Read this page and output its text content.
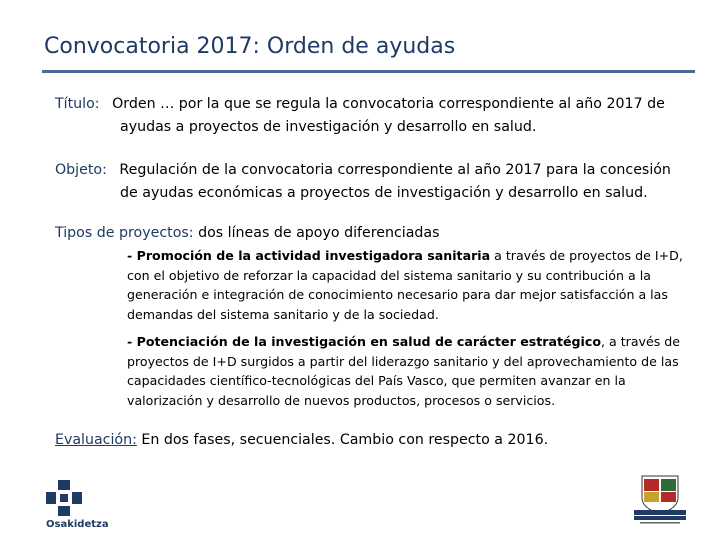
Convocatoria 2017: Orden de ayudas
Título: Orden … por la que se regula la convocatoria correspondiente al año 2017 de
ayudas a proyectos de investigación y desarrollo en salud.
Objeto: Regulación de la convocatoria correspondiente al año 2017 para la concesión
de ayudas económicas a proyectos de investigación y desarrollo en salud.
Tipos de proyectos: dos líneas de apoyo diferenciadas
- Promoción de la actividad investigadora sanitaria a través de proyectos de I+D, con el objetivo de reforzar la capacidad del sistema sanitario y su contribución a la generación e integración de conocimiento necesario para dar mejor satisfacción a las demandas del sistema sanitario y de la sociedad.
- Potenciación de la investigación en salud de carácter estratégico, a través de proyectos de I+D surgidos a partir del liderazgo sanitario y del aprovechamiento de las capacidades científico-tecnológicas del País Vasco, que permiten avanzar en la valorización y desarrollo de nuevos productos, procesos o servicios.
Evaluación: En dos fases, secuenciales. Cambio con respecto a 2016.
Osakidetza
